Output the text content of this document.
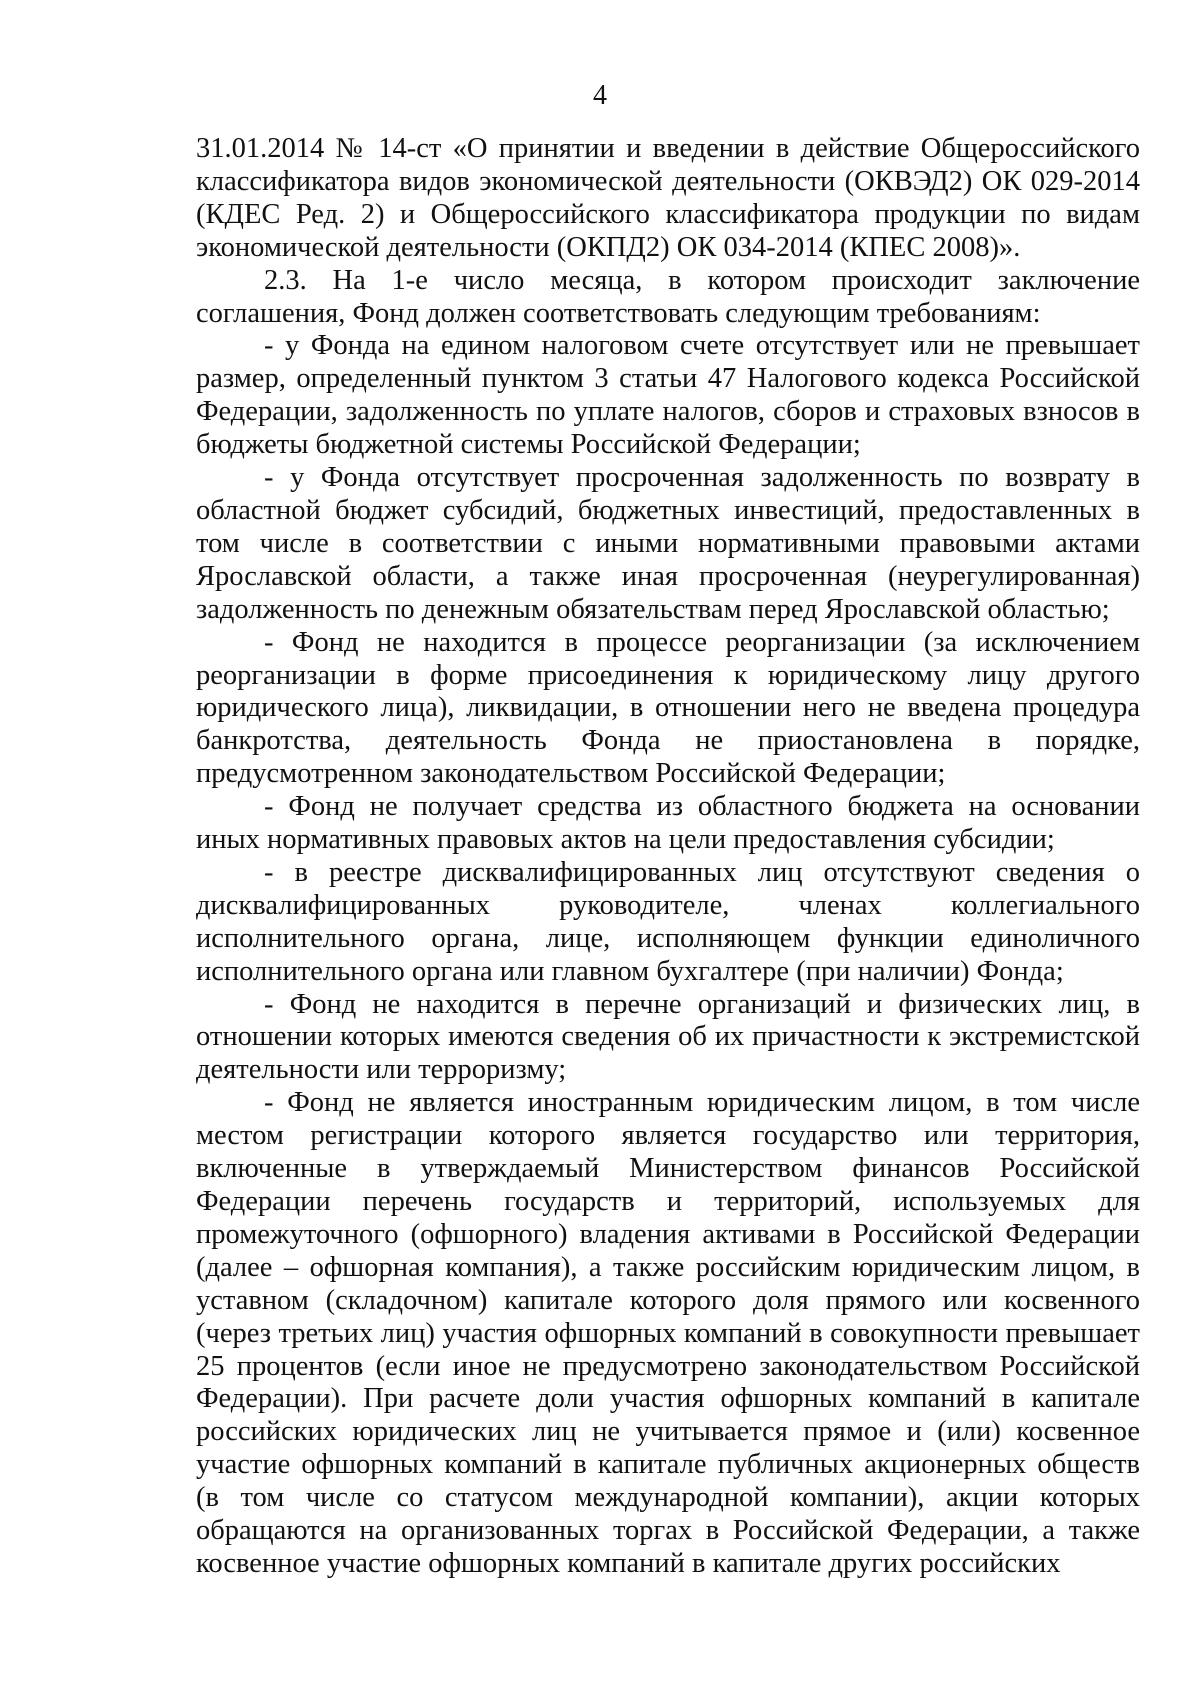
4

31.01.2014 № 14-ст «О принятии и введении в действие Общероссийского классификатора видов экономической деятельности (ОКВЭД2) ОК 029-2014 (КДЕС Ред. 2) и Общероссийского классификатора продукции по видам экономической деятельности (ОКПД2) ОК 034-2014 (КПЕС 2008)».

2.3. На 1-е число месяца, в котором происходит заключение соглашения, Фонд должен соответствовать следующим требованиям:

- у Фонда на едином налоговом счете отсутствует или не превышает размер, определенный пунктом 3 статьи 47 Налогового кодекса Российской Федерации, задолженность по уплате налогов, сборов и страховых взносов в бюджеты бюджетной системы Российской Федерации;

- у Фонда отсутствует просроченная задолженность по возврату в областной бюджет субсидий, бюджетных инвестиций, предоставленных в том числе в соответствии с иными нормативными правовыми актами Ярославской области, а также иная просроченная (неурегулированная) задолженность по денежным обязательствам перед Ярославской областью;

- Фонд не находится в процессе реорганизации (за исключением реорганизации в форме присоединения к юридическому лицу другого юридического лица), ликвидации, в отношении него не введена процедура банкротства, деятельность Фонда не приостановлена в порядке, предусмотренном законодательством Российской Федерации;

- Фонд не получает средства из областного бюджета на основании иных нормативных правовых актов на цели предоставления субсидии;

- в реестре дисквалифицированных лиц отсутствуют сведения о дисквалифицированных руководителе, членах коллегиального исполнительного органа, лице, исполняющем функции единоличного исполнительного органа или главном бухгалтере (при наличии) Фонда;

- Фонд не находится в перечне организаций и физических лиц, в отношении которых имеются сведения об их причастности к экстремистской деятельности или терроризму;

- Фонд не является иностранным юридическим лицом, в том числе местом регистрации которого является государство или территория, включенные в утверждаемый Министерством финансов Российской Федерации перечень государств и территорий, используемых для промежуточного (офшорного) владения активами в Российской Федерации (далее – офшорная компания), а также российским юридическим лицом, в уставном (складочном) капитале которого доля прямого или косвенного (через третьих лиц) участия офшорных компаний в совокупности превышает 25 процентов (если иное не предусмотрено законодательством Российской Федерации). При расчете доли участия офшорных компаний в капитале российских юридических лиц не учитывается прямое и (или) косвенное участие офшорных компаний в капитале публичных акционерных обществ (в том числе со статусом международной компании), акции которых обращаются на организованных торгах в Российской Федерации, а также косвенное участие офшорных компаний в капитале других российских
